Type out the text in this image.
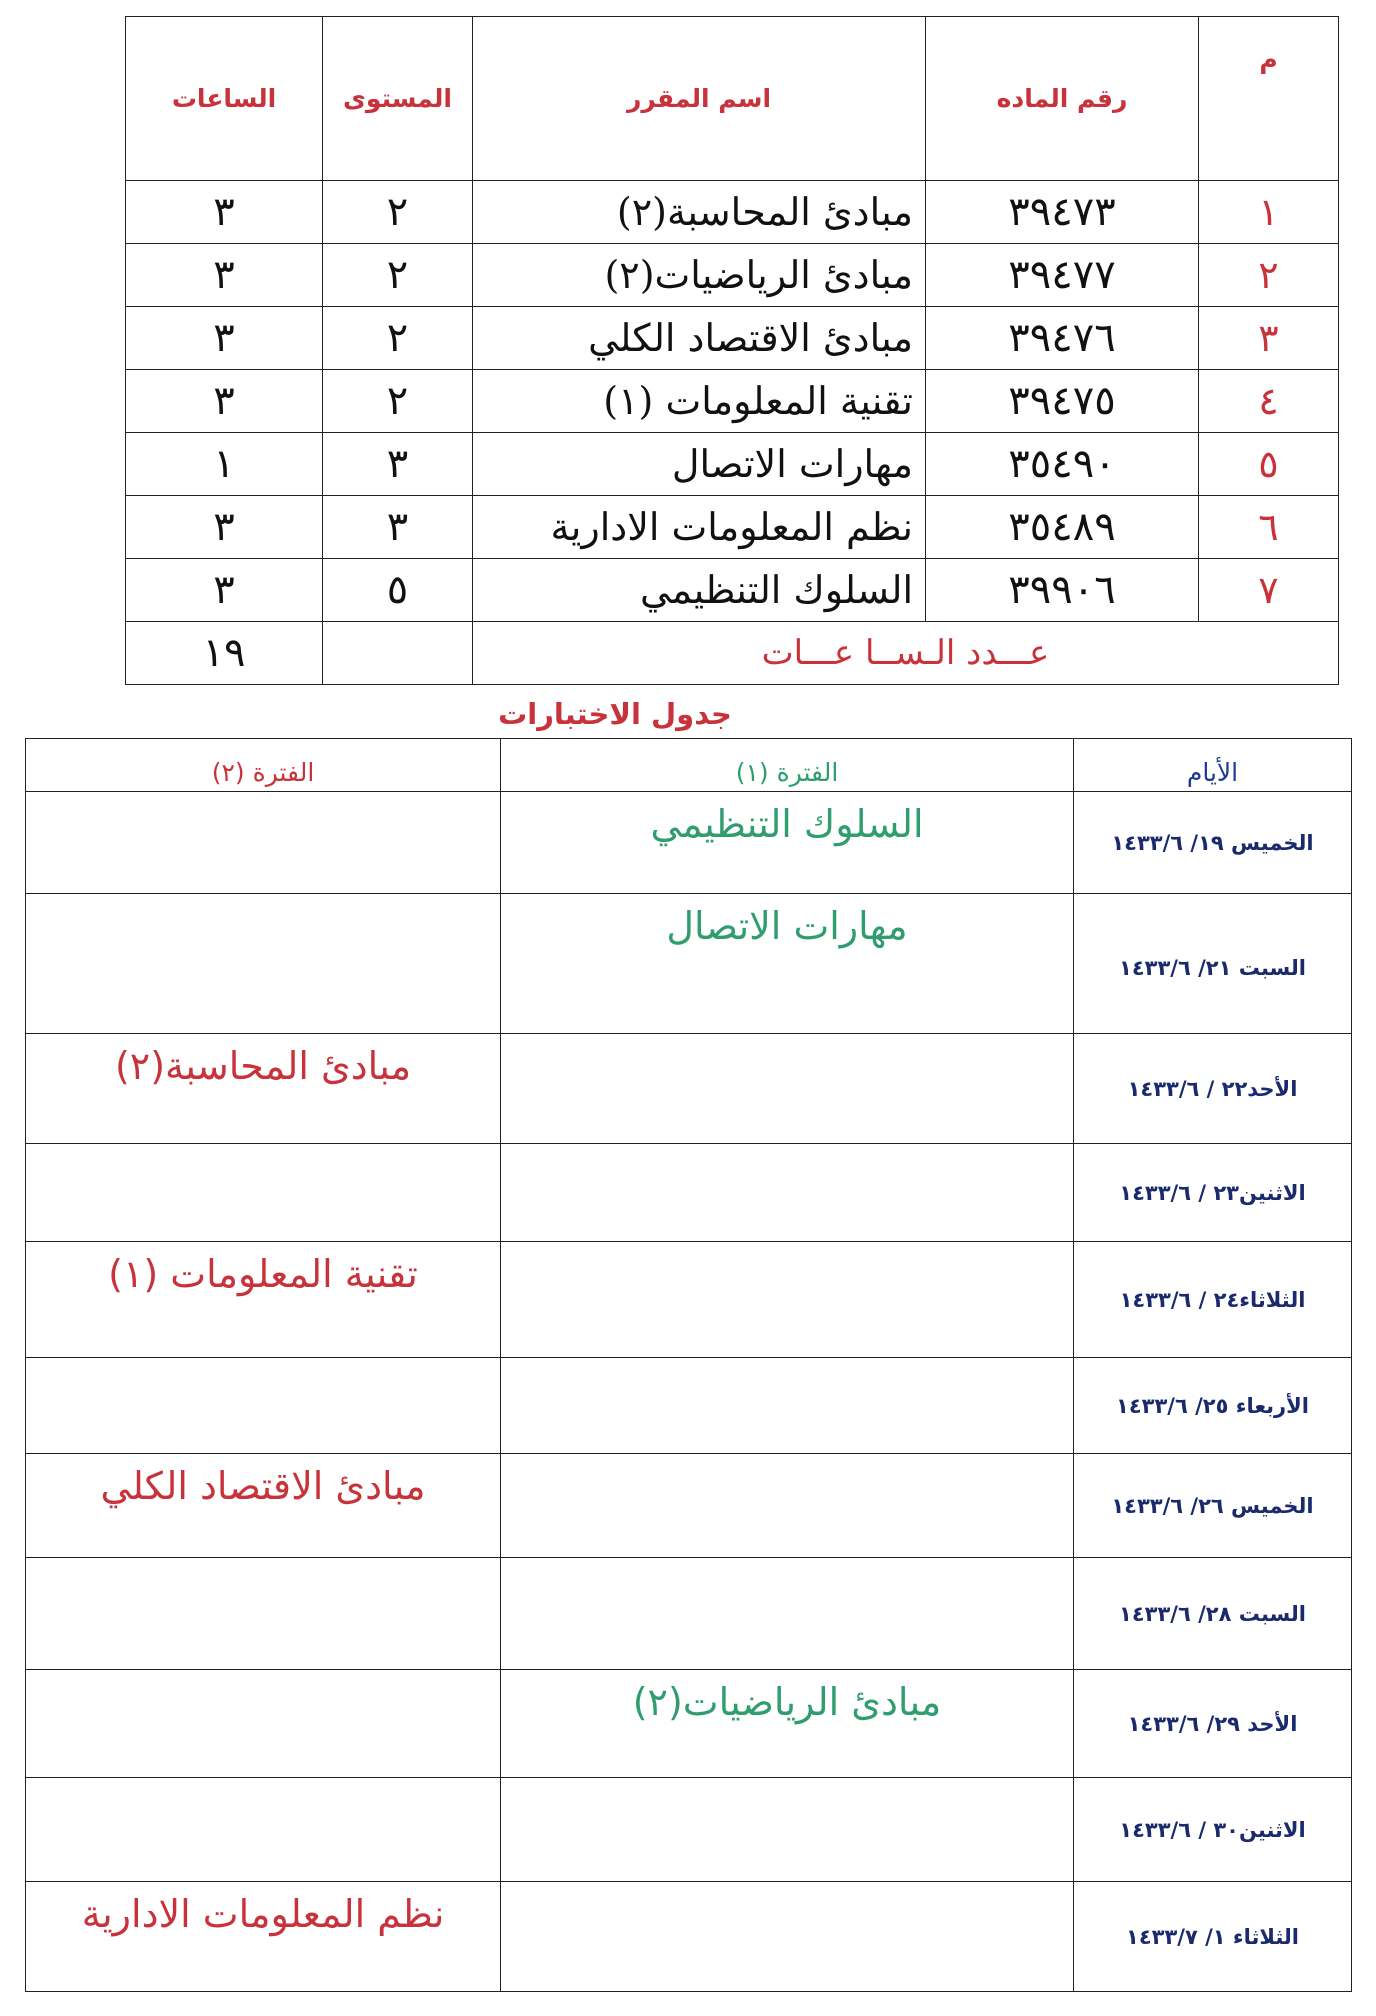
م	رقم الماده	اسم المقرر	المستوى	الساعات
١	٣٩٤٧٣	مبادئ المحاسبة(٢)	٢	٣
٢	٣٩٤٧٧	مبادئ الرياضيات(٢)	٢	٣
٣	٣٩٤٧٦	مبادئ الاقتصاد الكلي	٢	٣
٤	٣٩٤٧٥	تقنية المعلومات (١)	٢	٣
٥	٣٥٤٩٠	مهارات الاتصال	٣	١
٦	٣٥٤٨٩	نظم المعلومات الادارية	٣	٣
٧	٣٩٩٠٦	السلوك التنظيمي	٥	٣
عـــدد الـســا عـــات				١٩
جدول الاختبارات
الأيام	الفترة (١)	الفترة (٢)
الخميس ١٩/ ١٤٣٣/٦	السلوك التنظيمي	
السبت ٢١/ ١٤٣٣/٦	مهارات الاتصال	
الأحد٢٢ / ١٤٣٣/٦		مبادئ المحاسبة(٢)
الاثنين٢٣ / ١٤٣٣/٦		
الثلاثاء٢٤ / ١٤٣٣/٦		تقنية المعلومات (١)
الأربعاء ٢٥/ ١٤٣٣/٦		
الخميس ٢٦/ ١٤٣٣/٦		مبادئ الاقتصاد الكلي
السبت ٢٨/ ١٤٣٣/٦		
الأحد ٢٩/ ١٤٣٣/٦	مبادئ الرياضيات(٢)	
الاثنين٣٠ / ١٤٣٣/٦		
الثلاثاء ١/ ١٤٣٣/٧		نظم المعلومات الادارية
